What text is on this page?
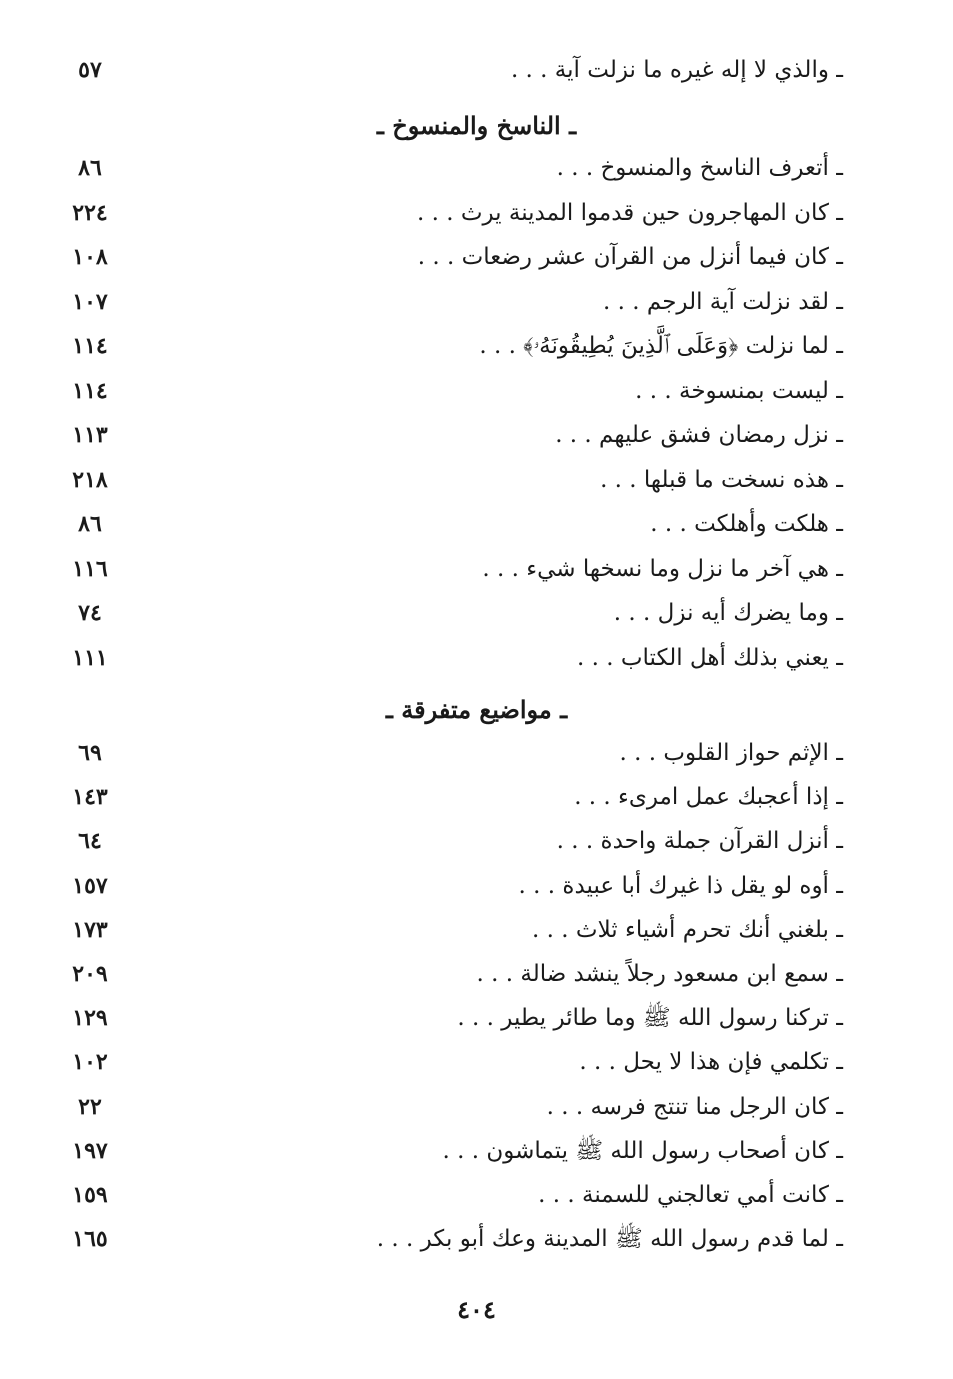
ـ والذي لا إله غيره ما نزلت آية . . .
٥٧
ـ الناسخ والمنسوخ ـ
ـ أتعرف الناسخ والمنسوخ . . .
٨٦
ـ كان المهاجرون حين قدموا المدينة يرث . . .
٢٢٤
ـ كان فيما أنزل من القرآن عشر رضعات . . .
١٠٨
ـ لقد نزلت آية الرجم . . .
١٠٧
ـ لما نزلت ﴿وَعَلَى ٱلَّذِينَ يُطِيقُونَهُۥ﴾ . . .
١١٤
ـ ليست بمنسوخة . . .
١١٤
ـ نزل رمضان فشق عليهم . . .
١١٣
ـ هذه نسخت ما قبلها . . .
٢١٨
ـ هلكت وأهلكت . . .
٨٦
ـ هي آخر ما نزل وما نسخها شيء . . .
١١٦
ـ وما يضرك أيه نزل . . .
٧٤
ـ يعني بذلك أهل الكتاب . . .
١١١
ـ مواضيع متفرقة ـ
ـ الإثم حواز القلوب . . .
٦٩
ـ إذا أعجبك عمل امرىء . . .
١٤٣
ـ أنزل القرآن جملة واحدة . . .
٦٤
ـ أوه لو يقل ذا غيرك أبا عبيدة . . .
١٥٧
ـ بلغني أنك تحرم أشياء ثلاث . . .
١٧٣
ـ سمع ابن مسعود رجلاً ينشد ضالة . . .
٢٠٩
ـ تركنا رسول الله ﷺ وما طائر يطير . . .
١٢٩
ـ تكلمي فإن هذا لا يحل . . .
١٠٢
ـ كان الرجل منا تنتج فرسه . . .
٢٢
ـ كان أصحاب رسول الله ﷺ يتماشون . . .
١٩٧
ـ كانت أمي تعالجني للسمنة . . .
١٥٩
ـ لما قدم رسول الله ﷺ المدينة وعك أبو بكر . . .
١٦٥
٤٠٤
